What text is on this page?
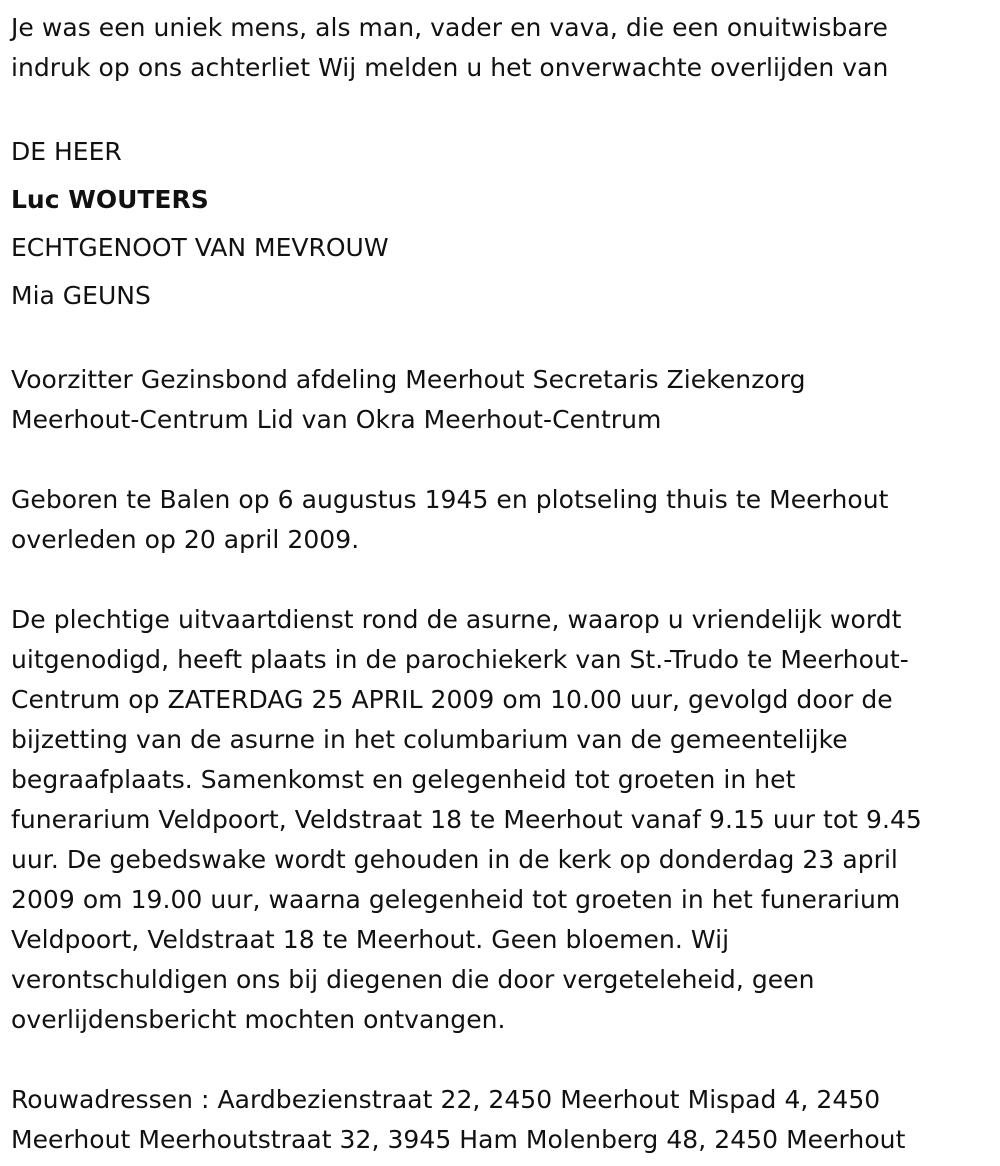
Je was een uniek mens, als man, vader en vava, die een onuitwisbare
indruk op ons achterliet Wij melden u het onverwachte overlijden van

DE HEER

Luc WOUTERS

ECHTGENOOT VAN MEVROUW

Mia GEUNS

Voorzitter Gezinsbond afdeling Meerhout Secretaris Ziekenzorg
Meerhout-Centrum Lid van Okra Meerhout-Centrum

Geboren te Balen op 6 augustus 1945 en plotseling thuis te Meerhout
overleden op 20 april 2009.

De plechtige uitvaartdienst rond de asurne, waarop u vriendelijk wordt
uitgenodigd, heeft plaats in de parochiekerk van St.-Trudo te Meerhout-
Centrum op ZATERDAG 25 APRIL 2009 om 10.00 uur, gevolgd door de
bijzetting van de asurne in het columbarium van de gemeentelijke
begraafplaats. Samenkomst en gelegenheid tot groeten in het
funerarium Veldpoort, Veldstraat 18 te Meerhout vanaf 9.15 uur tot 9.45
uur. De gebedswake wordt gehouden in de kerk op donderdag 23 april
2009 om 19.00 uur, waarna gelegenheid tot groeten in het funerarium
Veldpoort, Veldstraat 18 te Meerhout. Geen bloemen. Wij
verontschuldigen ons bij diegenen die door vergeteleheid, geen
overlijdensbericht mochten ontvangen.

Rouwadressen : Aardbezienstraat 22, 2450 Meerhout Mispad 4, 2450
Meerhout Meerhoutstraat 32, 3945 Ham Molenberg 48, 2450 Meerhout
